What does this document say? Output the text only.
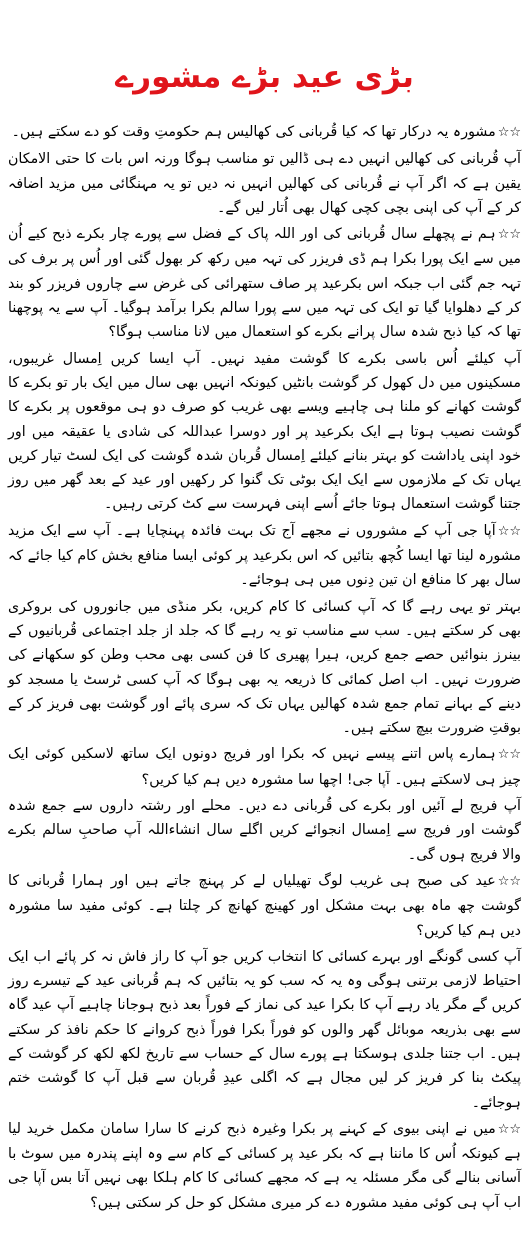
بڑی عید بڑے مشورے

☆☆مشورہ یہ درکار تھا کہ کیا قُربانی کی کھالیس ہم حکومتِ وقت کو دے سکتے ہیں۔

آپ قُربانی کی کھالیں انہیں دے ہی ڈالیں تو مناسب ہوگا ورنہ اس بات کا حتی الامکان یقین ہے کہ اگر آپ نے قُربانی کی کھالیں انہیں نہ دیں تو یہ مہنگائی میں مزید اضافہ کر کے آپ کی اپنی بچی کچی کھال بھی اُتار لیں گے۔

☆☆ہم نے پچھلے سال قُربانی کی اور اللہ پاک کے فضل سے پورے چار بکرے ذبح کیے اُن میں سے ایک پورا بکرا ہم ڈی فریزر کی تہہ میں رکھ کر بھول گئی اور اُس پر برف کی تہہ جم گئی اب جبکہ اس بکرعید پر صاف ستھرائی کی غرض سے چاروں فریزر کو بند کر کے دھلوایا گیا تو ایک کی تہہ میں سے پورا سالم بکرا برآمد ہوگیا۔ آپ سے یہ پوچھنا تھا کہ کیا ذبح شدہ سال پرانے بکرے کو استعمال میں لانا مناسب ہوگا؟

آپ کیلئے اُس باسی بکرے کا گوشت مفید نہیں۔ آپ ایسا کریں اِمسال غریبوں، مسکینوں میں دل کھول کر گوشت بانٹیں کیونکہ انہیں بھی سال میں ایک بار تو بکرے کا گوشت کھانے کو ملنا ہی چاہیے ویسے بھی غریب کو صرف دو ہی موقعوں پر بکرے کا گوشت نصیب ہوتا ہے ایک بکرعید پر اور دوسرا عبداللہ کی شادی یا عقیقہ میں اور خود اپنی یاداشت کو بہتر بنانے کیلئے اِمسال قُربان شدہ گوشت کی ایک لسٹ تیار کریں یہاں تک کے ملازموں سے ایک ایک بوٹی تک گنوا کر رکھیں اور عید کے بعد گھر میں روز جتنا گوشت استعمال ہوتا جائے اُسے اپنی فہرست سے کٹ کرتی رہیں۔

☆☆آپا جی آپ کے مشوروں نے مجھے آج تک بہت فائدہ پہنچایا ہے۔ آپ سے ایک مزید مشورہ لینا تھا ایسا کُچھ بتائیں کہ اس بکرعید پر کوئی ایسا منافع بخش کام کیا جائے کہ سال بھر کا منافع ان تین دِنوں میں ہی ہوجائے۔

بہتر تو یہی رہے گا کہ آپ کسائی کا کام کریں، بکر منڈی میں جانوروں کی بروکری بھی کر سکتے ہیں۔ سب سے مناسب تو یہ رہے گا کہ جلد از جلد اجتماعی قُربانیوں کے بینرز بنوائیں حصے جمع کریں، ہیرا پھیری کا فن کسی بھی محب وطن کو سکھانے کی ضرورت نہیں۔ اب اصل کمائی کا ذریعہ یہ بھی ہوگا کہ آپ کسی ٹرسٹ یا مسجد کو دینے کے بہانے تمام جمع شدہ کھالیں یہاں تک کہ سری پائے اور گوشت بھی فریز کر کے بوقتِ ضرورت بیچ سکتے ہیں۔

☆☆ہمارے پاس اتنے پیسے نہیں کہ بکرا اور فریج دونوں ایک ساتھ لاسکیں کوئی ایک چیز ہی لاسکتے ہیں۔ آپا جی! اچھا سا مشورہ دیں ہم کیا کریں؟

آپ فریج لے آئیں اور بکرے کی قُربانی دے دیں۔ محلے اور رشتہ داروں سے جمع شدہ گوشت اور فریج سے اِمسال انجوائے کریں اگلے سال انشاءاللہ آپ صاحبِ سالم بکرے والا فریج ہوں گی۔

☆☆عید کی صبح ہی غریب لوگ تھیلیاں لے کر پہنچ جاتے ہیں اور ہمارا قُربانی کا گوشت چھ ماہ بھی بہت مشکل اور کھینچ کھانچ کر چلتا ہے۔ کوئی مفید سا مشورہ دیں ہم کیا کریں؟

آپ کسی گونگے اور بہرے کسائی کا انتخاب کریں جو آپ کا راز فاش نہ کر پائے اب ایک احتیاط لازمی برتنی ہوگی وہ یہ کہ سب کو یہ بتائیں کہ ہم قُربانی عید کے تیسرے روز کریں گے مگر یاد رہے آپ کا بکرا عید کی نماز کے فوراً بعد ذبح ہوجانا چاہیے آپ عید گاہ سے بھی بذریعہ موبائل گھر والوں کو فوراً بکرا فوراً ذبح کروانے کا حکم نافذ کر سکتے ہیں۔ اب جتنا جلدی ہوسکتا ہے پورے سال کے حساب سے تاریخ لکھ لکھ کر گوشت کے پیکٹ بنا کر فریز کر لیں مجال ہے کہ اگلی عیدِ قُربان سے قبل آپ کا گوشت ختم ہوجائے۔

☆☆میں نے اپنی بیوی کے کہنے پر بکرا وغیرہ ذبح کرنے کا سارا سامان مکمل خرید لیا ہے کیونکہ اُس کا ماننا ہے کہ بکر عید پر کسائی کے کام سے وہ اپنے پندرہ میں سوٹ با آسانی بنالے گی مگر مسئلہ یہ ہے کہ مجھے کسائی کا کام ہلکا بھی نہیں آتا بس آپا جی اب آپ ہی کوئی مفید مشورہ دے کر میری مشکل کو حل کر سکتی ہیں؟
